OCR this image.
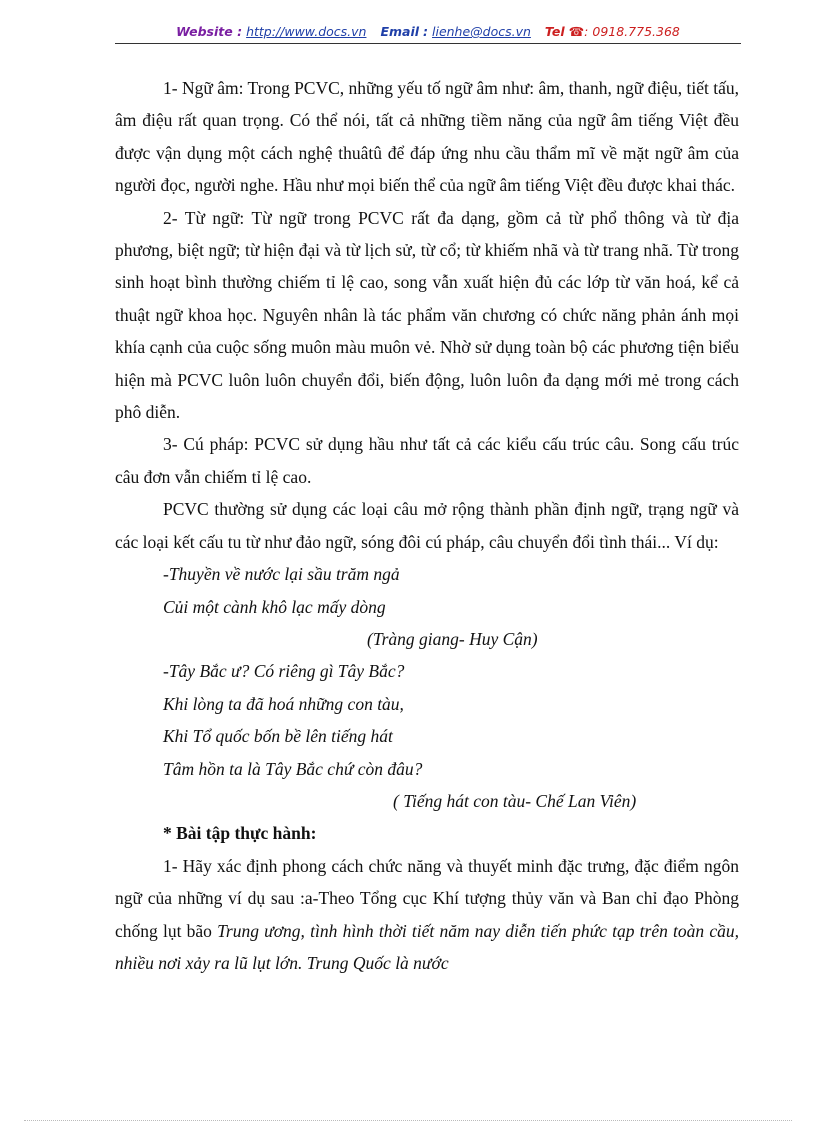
Website : http://www.docs.vn Email : lienhe@docs.vn Tel ☎: 0918.775.368

1- Ngữ âm: Trong PCVC, những yếu tố ngữ âm như: âm, thanh, ngữ điệu, tiết tấu, âm điệu rất quan trọng. Có thể nói, tất cả những tiềm năng của ngữ âm tiếng Việt đều được vận dụng một cách nghệ thuâtû để đáp ứng nhu cầu thẩm mĩ về mặt ngữ âm của người đọc, người nghe. Hầu như mọi biến thể của ngữ âm tiếng Việt đều được khai thác.

2- Từ ngữ: Từ ngữ trong PCVC rất đa dạng, gồm cả từ phổ thông và từ địa phương, biệt ngữ; từ hiện đại và từ lịch sử, từ cổ; từ khiếm nhã và từ trang nhã. Từ trong sinh hoạt bình thường chiếm tỉ lệ cao, song vẫn xuất hiện đủ các lớp từ văn hoá, kể cả thuật ngữ khoa học. Nguyên nhân là tác phẩm văn chương có chức năng phản ánh mọi khía cạnh của cuộc sống muôn màu muôn vẻ. Nhờ sử dụng toàn bộ các phương tiện biểu hiện mà PCVC luôn luôn chuyển đổi, biến động, luôn luôn đa dạng mới mẻ trong cách phô diễn.

3- Cú pháp: PCVC sử dụng hầu như tất cả các kiểu cấu trúc câu. Song cấu trúc câu đơn vẫn chiếm tỉ lệ cao.

PCVC thường sử dụng các loại câu mở rộng thành phần định ngữ, trạng ngữ và các loại kết cấu tu từ như đảo ngữ, sóng đôi cú pháp, câu chuyển đổi tình thái... Ví dụ:

-Thuyền về nước lại sầu trăm ngả

Củi một cành khô lạc mấy dòng

(Tràng giang- Huy Cận)

-Tây Bắc ư? Có riêng gì Tây Bắc?

Khi lòng ta đã hoá những con tàu,

Khi Tổ quốc bốn bề lên tiếng hát

Tâm hồn ta là Tây Bắc chứ còn đâu?

( Tiếng hát con tàu- Chế Lan Viên)

* Bài tập thực hành:

1- Hãy xác định phong cách chức năng và thuyết minh đặc trưng, đặc điểm ngôn ngữ của những ví dụ sau :a-Theo Tổng cục Khí tượng thủy văn và Ban chỉ đạo Phòng chống lụt bão Trung ương, tình hình thời tiết năm nay diễn tiến phức tạp trên toàn cầu, nhiều nơi xảy ra lũ lụt lớn. Trung Quốc là nước
